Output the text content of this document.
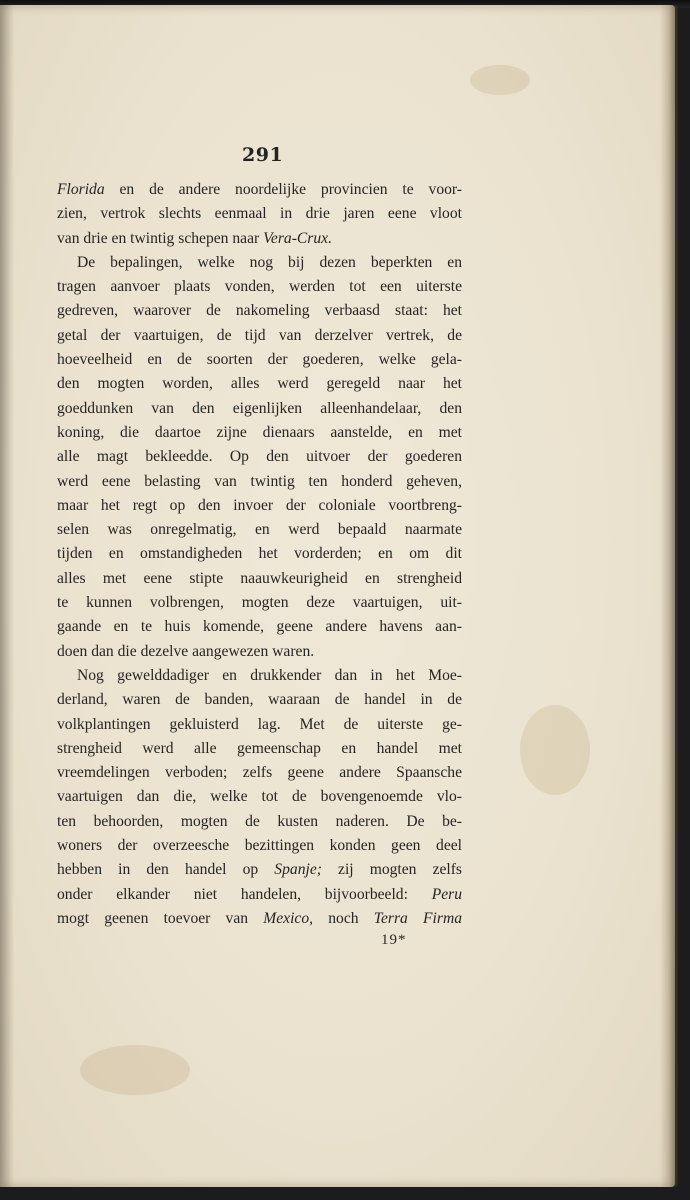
291
Florida en de andere noordelijke provincien te voor-
zien, vertrok slechts eenmaal in drie jaren eene vloot
van drie en twintig schepen naar Vera-Crux.
De bepalingen, welke nog bij dezen beperkten en
tragen aanvoer plaats vonden, werden tot een uiterste
gedreven, waarover de nakomeling verbaasd staat: het
getal der vaartuigen, de tijd van derzelver vertrek, de
hoeveelheid en de soorten der goederen, welke gela-
den mogten worden, alles werd geregeld naar het
goeddunken van den eigenlijken alleenhandelaar, den
koning, die daartoe zijne dienaars aanstelde, en met
alle magt bekleedde. Op den uitvoer der goederen
werd eene belasting van twintig ten honderd geheven,
maar het regt op den invoer der coloniale voortbreng-
selen was onregelmatig, en werd bepaald naarmate
tijden en omstandigheden het vorderden; en om dit
alles met eene stipte naauwkeurigheid en strengheid
te kunnen volbrengen, mogten deze vaartuigen, uit-
gaande en te huis komende, geene andere havens aan-
doen dan die dezelve aangewezen waren.
Nog gewelddadiger en drukkender dan in het Moe-
derland, waren de banden, waaraan de handel in de
volkplantingen gekluisterd lag. Met de uiterste ge-
strengheid werd alle gemeenschap en handel met
vreemdelingen verboden; zelfs geene andere Spaansche
vaartuigen dan die, welke tot de bovengenoemde vlo-
ten behoorden, mogten de kusten naderen. De be-
woners der overzeesche bezittingen konden geen deel
hebben in den handel op Spanje; zij mogten zelfs
onder elkander niet handelen, bijvoorbeeld: Peru
mogt geenen toevoer van Mexico, noch Terra Firma
19*
